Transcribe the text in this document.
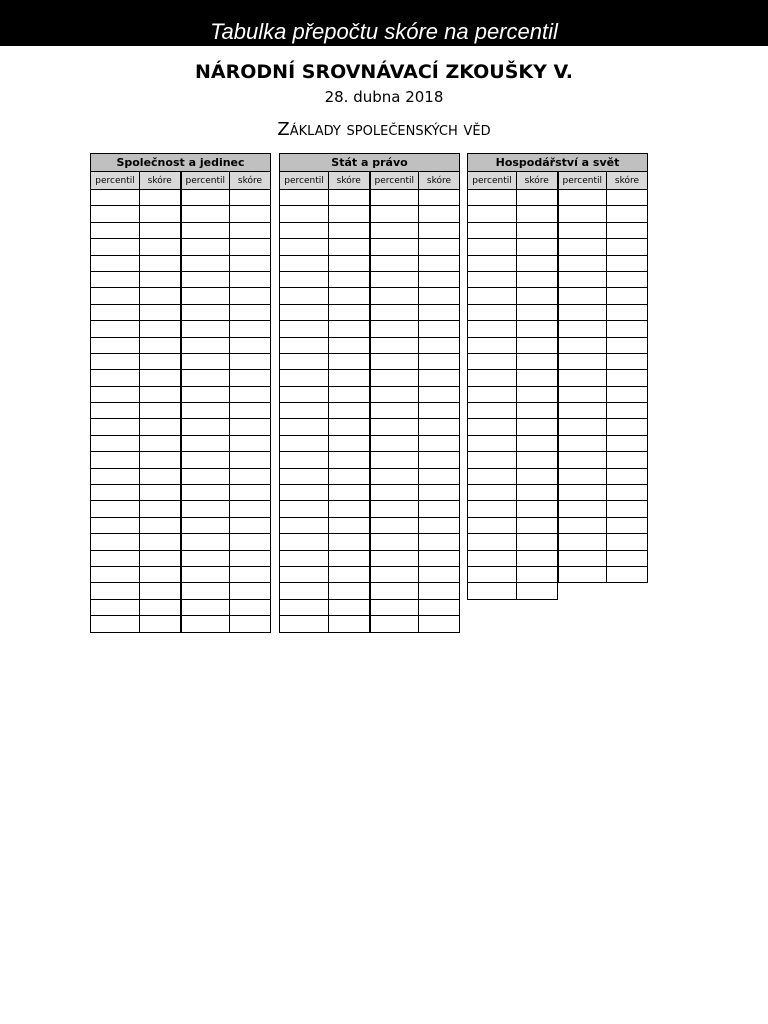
Tabulka přepočtu skóre na percentil
NÁRODNÍ SROVNÁVACÍ ZKOUŠKY V.
28. dubna 2018
Základy společenských věd
Společnost a jedinec			
percentil	skóre	percentil	skóre

Stát a právo			
percentil	skóre	percentil	skóre

Hospodářství a svět			
percentil	skóre	percentil	skóre
